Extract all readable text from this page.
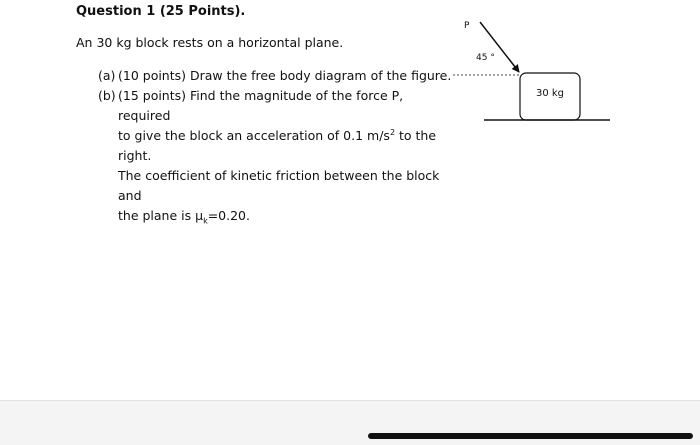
Question 1 (25 Points).
An 30 kg block rests on a horizontal plane.
(a) (10 points) Draw the free body diagram of the figure.
(b) (15 points) Find the magnitude of the force P, required
to give the block an acceleration of 0.1 $m/s^2$ to the right.
The coefficient of kinetic friction between the block and
the plane is $\mu_k=0.20$.
P
45 °
30 kg
